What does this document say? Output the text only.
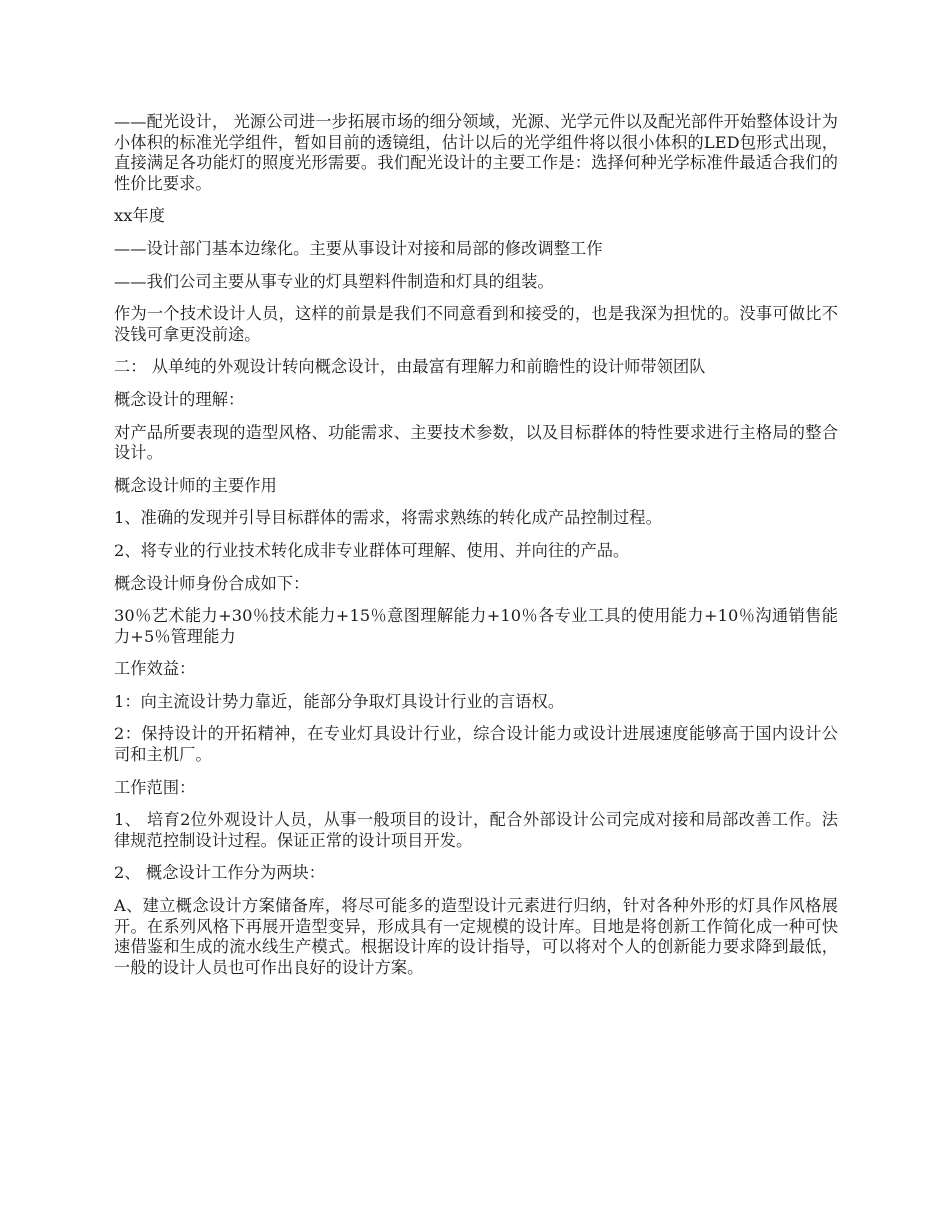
——配光设计， 光源公司进一步拓展市场的细分领域，光源、光学元件以及配光部件开始整体设计为小体积的标准光学组件，暂如目前的透镜组，估计以后的光学组件将以很小体积的LED包形式出现，直接满足各功能灯的照度光形需要。我们配光设计的主要工作是：选择何种光学标准件最适合我们的性价比要求。

xx年度

——设计部门基本边缘化。主要从事设计对接和局部的修改调整工作

——我们公司主要从事专业的灯具塑料件制造和灯具的组装。

作为一个技术设计人员，这样的前景是我们不同意看到和接受的，也是我深为担忧的。没事可做比不没钱可拿更没前途。

二： 从单纯的外观设计转向概念设计，由最富有理解力和前瞻性的设计师带领团队

概念设计的理解：

对产品所要表现的造型风格、功能需求、主要技术参数，以及目标群体的特性要求进行主格局的整合设计。

概念设计师的主要作用

1、准确的发现并引导目标群体的需求，将需求熟练的转化成产品控制过程。

2、将专业的行业技术转化成非专业群体可理解、使用、并向往的产品。

概念设计师身份合成如下：

30％艺术能力+30％技术能力+15％意图理解能力+10％各专业工具的使用能力+10％沟通销售能力+5％管理能力

工作效益：

1：向主流设计势力靠近，能部分争取灯具设计行业的言语权。

2：保持设计的开拓精神，在专业灯具设计行业，综合设计能力或设计进展速度能够高于国内设计公司和主机厂。

工作范围：

1、 培育2位外观设计人员，从事一般项目的设计，配合外部设计公司完成对接和局部改善工作。法律规范控制设计过程。保证正常的设计项目开发。

2、 概念设计工作分为两块：

A、建立概念设计方案储备库，将尽可能多的造型设计元素进行归纳，针对各种外形的灯具作风格展开。在系列风格下再展开造型变异，形成具有一定规模的设计库。目地是将创新工作简化成一种可快速借鉴和生成的流水线生产模式。根据设计库的设计指导，可以将对个人的创新能力要求降到最低，一般的设计人员也可作出良好的设计方案。
